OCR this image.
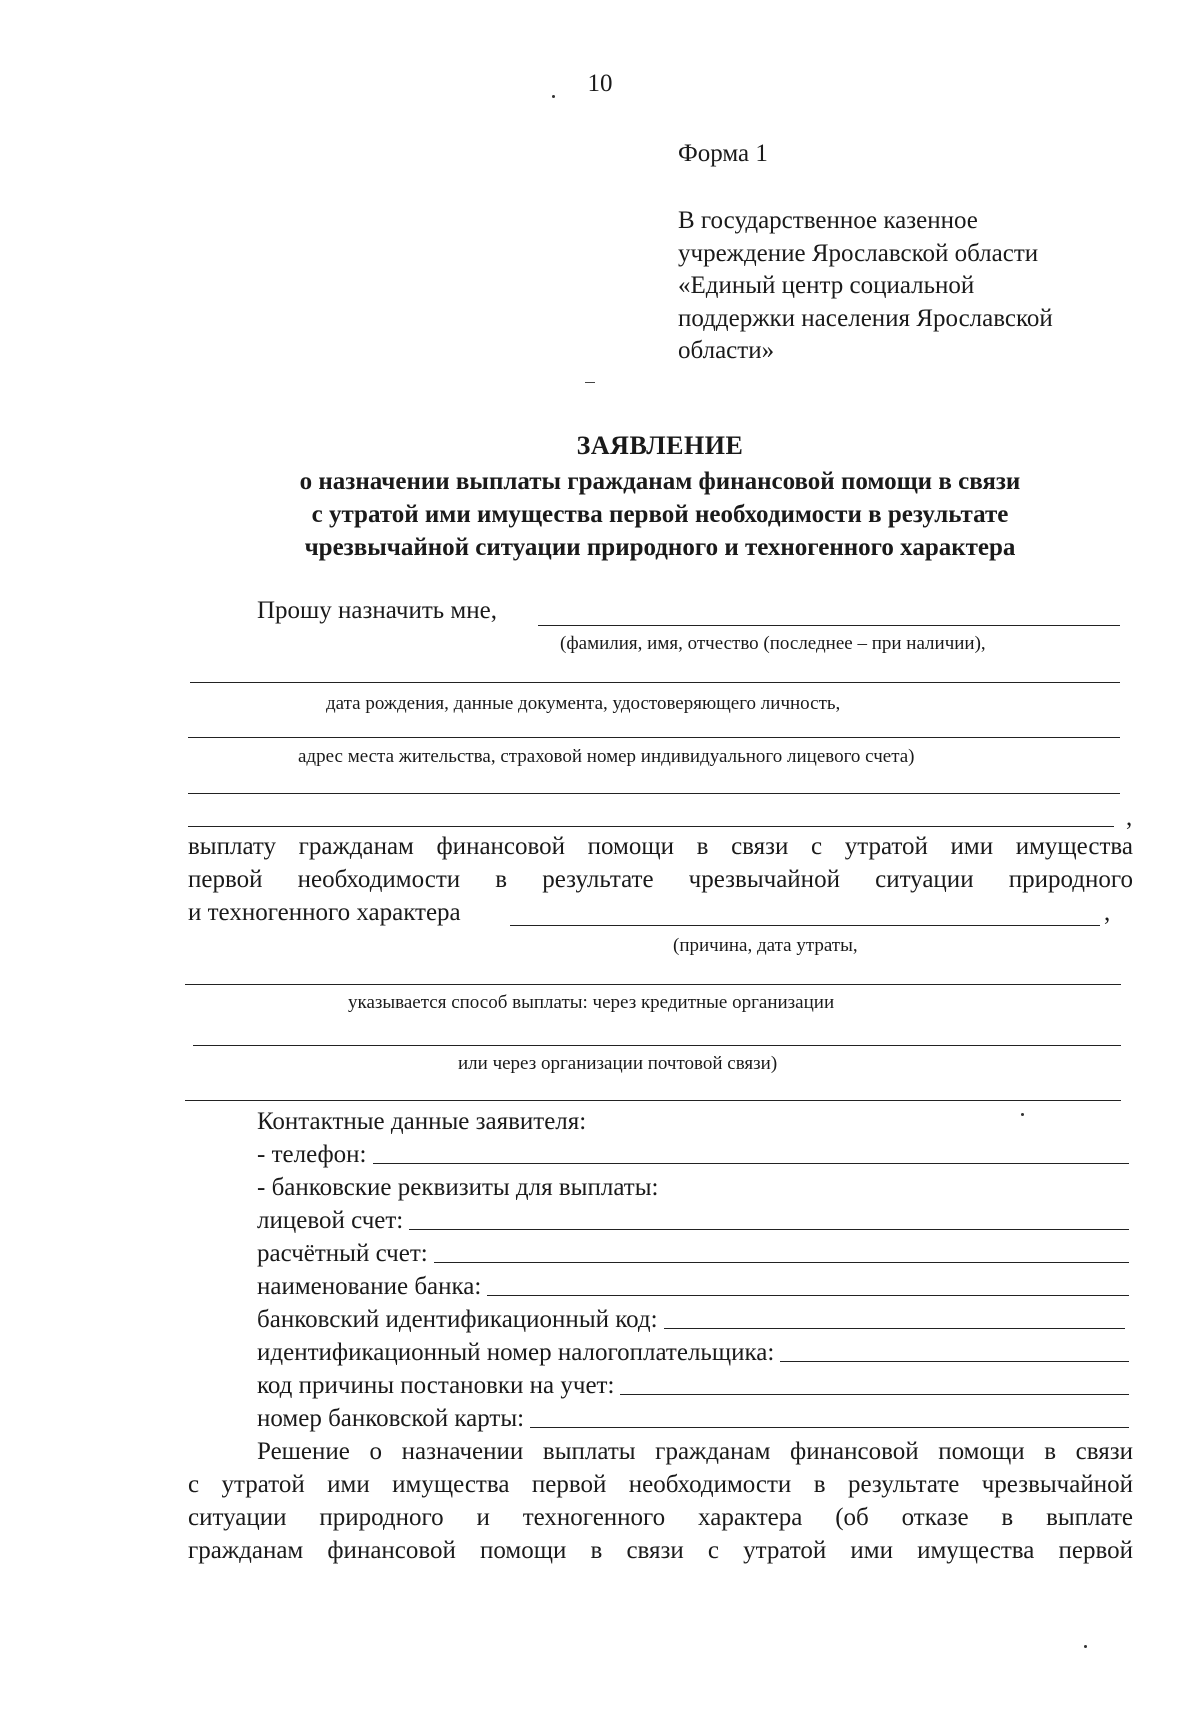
10
Форма 1
В государственное казенное
учреждение Ярославской области
«Единый центр социальной
поддержки населения Ярославской
области»
ЗАЯВЛЕНИЕ
о назначении выплаты гражданам финансовой помощи в связи
с утратой ими имущества первой необходимости в результате
чрезвычайной ситуации природного и техногенного характера
Прошу назначить мне,
(фамилия, имя, отчество (последнее – при наличии),
дата рождения, данные документа, удостоверяющего личность,
адрес места жительства, страховой номер индивидуального лицевого счета)
,
выплату гражданам финансовой помощи в связи с утратой ими имущества
первой необходимости в результате чрезвычайной ситуации природного
и техногенного характера	,
(причина, дата утраты,
указывается способ выплаты: через кредитные организации
или через организации почтовой связи)
Контактные данные заявителя:
- телефон:
- банковские реквизиты для выплаты:
лицевой счет:
расчётный счет:
наименование банка:
банковский идентификационный код:
идентификационный номер налогоплательщика:
код причины постановки на учет:
номер банковской карты:
Решение о назначении выплаты гражданам финансовой помощи в связи
с утратой ими имущества первой необходимости в результате чрезвычайной
ситуации природного и техногенного характера (об отказе в выплате
гражданам финансовой помощи в связи с утратой ими имущества первой
